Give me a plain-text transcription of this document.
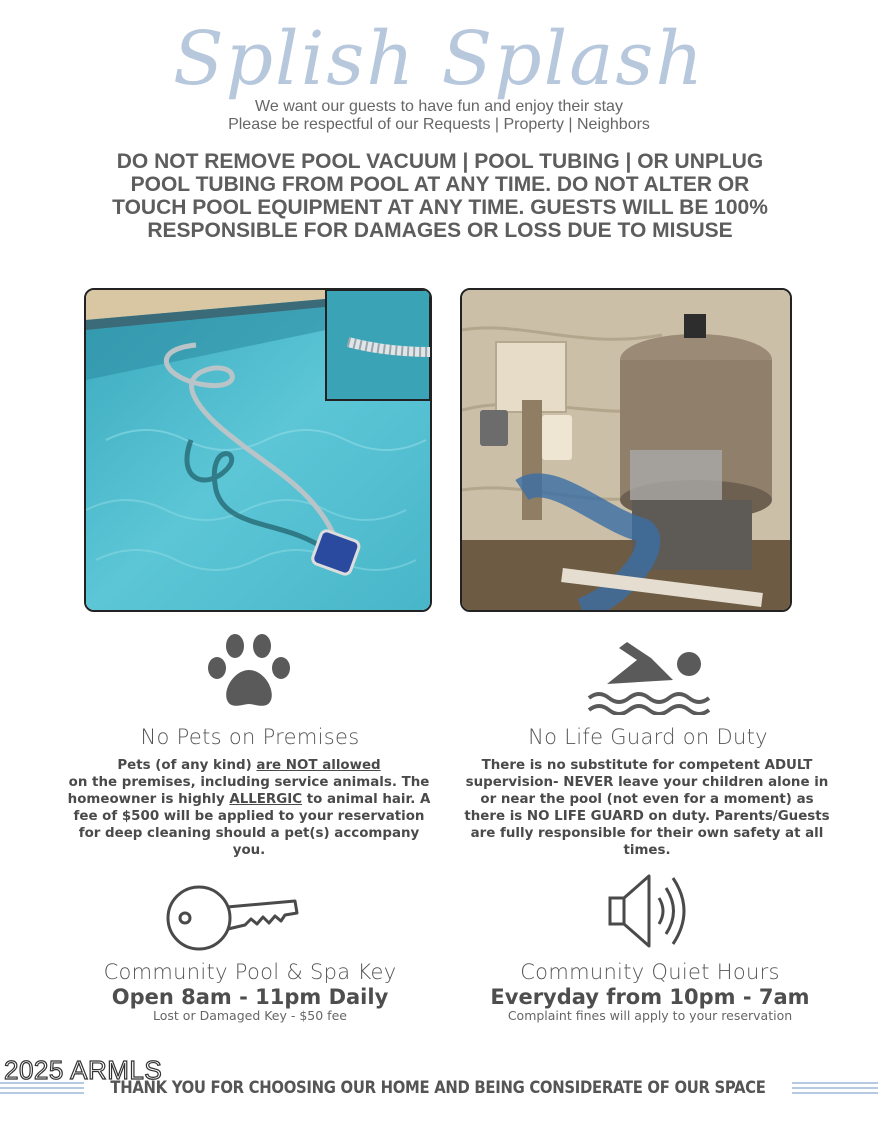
Splish Splash
We want our guests to have fun and enjoy their stay
Please be respectful of our Requests | Property | Neighbors
DO NOT REMOVE POOL VACUUM | POOL TUBING | OR UNPLUG POOL TUBING FROM POOL AT ANY TIME. DO NOT ALTER OR TOUCH POOL EQUIPMENT AT ANY TIME. GUESTS WILL BE 100% RESPONSIBLE FOR DAMAGES OR LOSS DUE TO MISUSE
No Pets on Premises
Pets (of any kind) are NOT allowed
on the premises, including service animals. The homeowner is highly ALLERGIC to animal hair. A fee of $500 will be applied to your reservation for deep cleaning should a pet(s) accompany you.
No Life Guard on Duty
There is no substitute for competent ADULT supervision- NEVER leave your children alone in or near the pool (not even for a moment) as there is NO LIFE GUARD on duty. Parents/Guests are fully responsible for their own safety at all times.
Community Pool & Spa Key
Open 8am - 11pm Daily
Lost or Damaged Key - $50 fee
Community Quiet Hours
Everyday from 10pm - 7am
Complaint fines will apply to your reservation
THANK YOU FOR CHOOSING OUR HOME AND BEING CONSIDERATE OF OUR SPACE
2025 ARMLS
